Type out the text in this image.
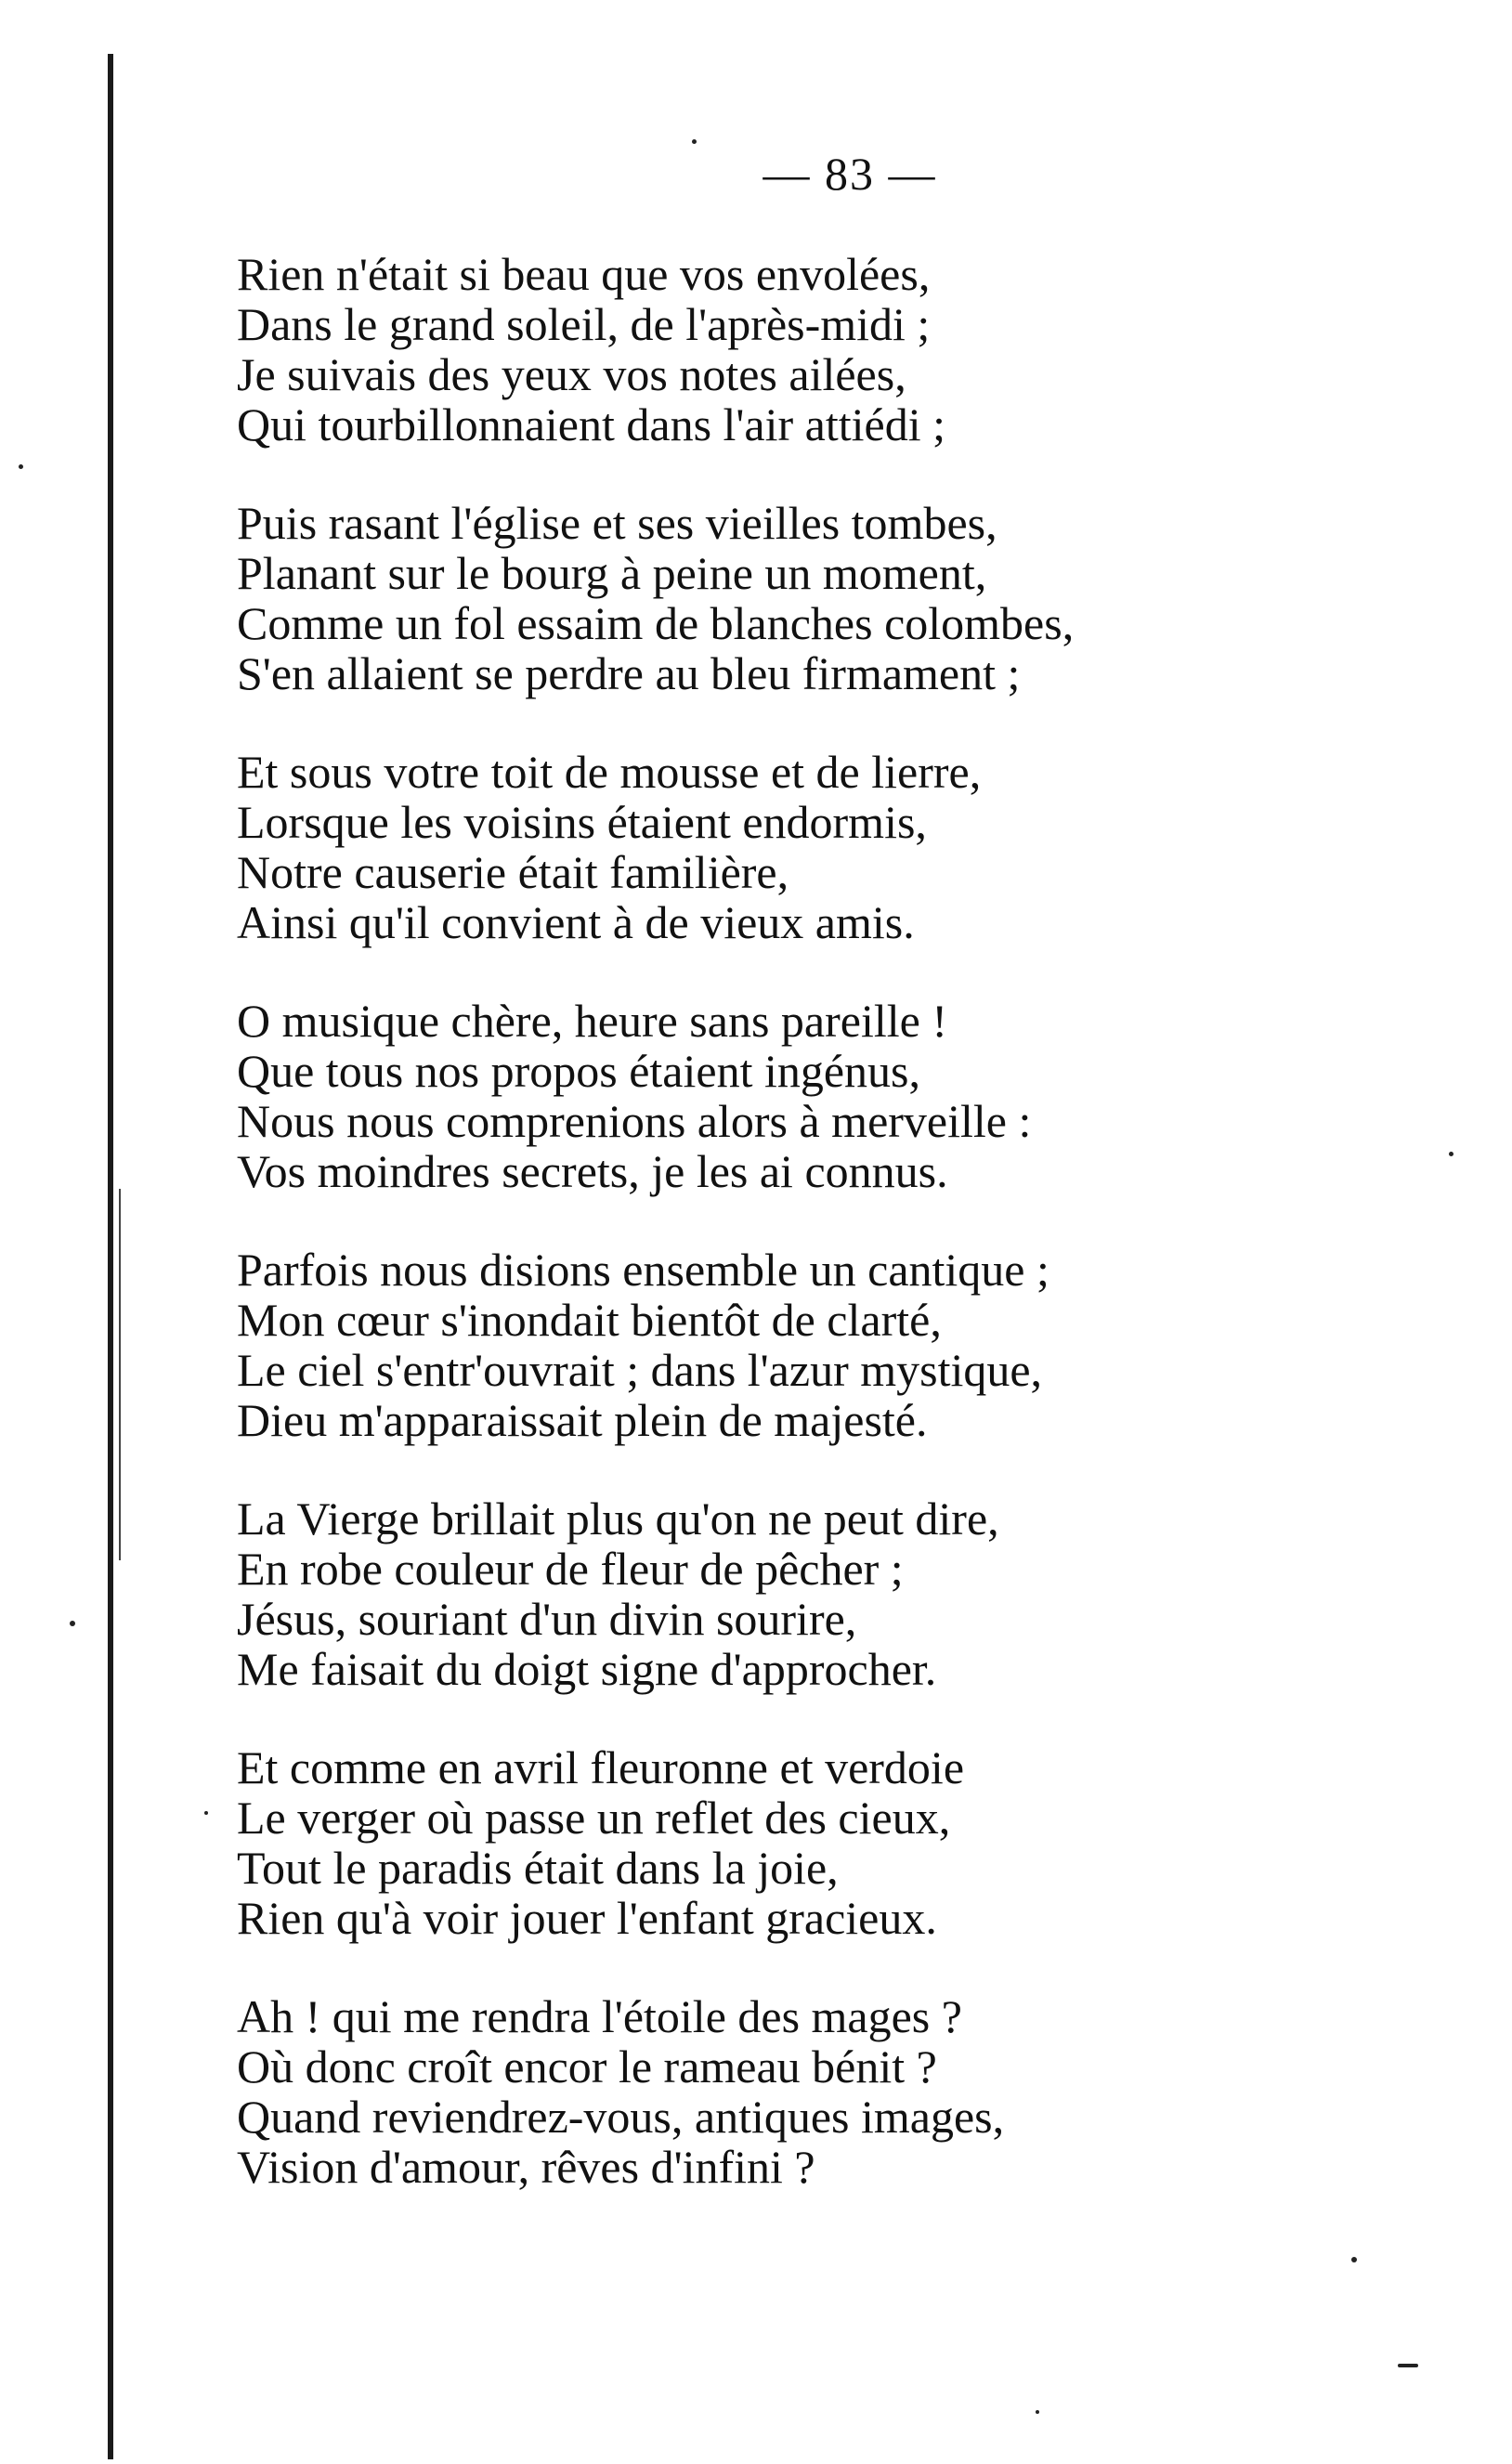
— 83 —
Rien n'était si beau que vos envolées,
Dans le grand soleil, de l'après-midi ;
Je suivais des yeux vos notes ailées,
Qui tourbillonnaient dans l'air attiédi ;
Puis rasant l'église et ses vieilles tombes,
Planant sur le bourg à peine un moment,
Comme un fol essaim de blanches colombes,
S'en allaient se perdre au bleu firmament ;
Et sous votre toit de mousse et de lierre,
Lorsque les voisins étaient endormis,
Notre causerie était familière,
Ainsi qu'il convient à de vieux amis.
O musique chère, heure sans pareille !
Que tous nos propos étaient ingénus,
Nous nous comprenions alors à merveille :
Vos moindres secrets, je les ai connus.
Parfois nous disions ensemble un cantique ;
Mon cœur s'inondait bientôt de clarté,
Le ciel s'entr'ouvrait ; dans l'azur mystique,
Dieu m'apparaissait plein de majesté.
La Vierge brillait plus qu'on ne peut dire,
En robe couleur de fleur de pêcher ;
Jésus, souriant d'un divin sourire,
Me faisait du doigt signe d'approcher.
Et comme en avril fleuronne et verdoie
Le verger où passe un reflet des cieux,
Tout le paradis était dans la joie,
Rien qu'à voir jouer l'enfant gracieux.
Ah ! qui me rendra l'étoile des mages ?
Où donc croît encor le rameau bénit ?
Quand reviendrez-vous, antiques images,
Vision d'amour, rêves d'infini ?
